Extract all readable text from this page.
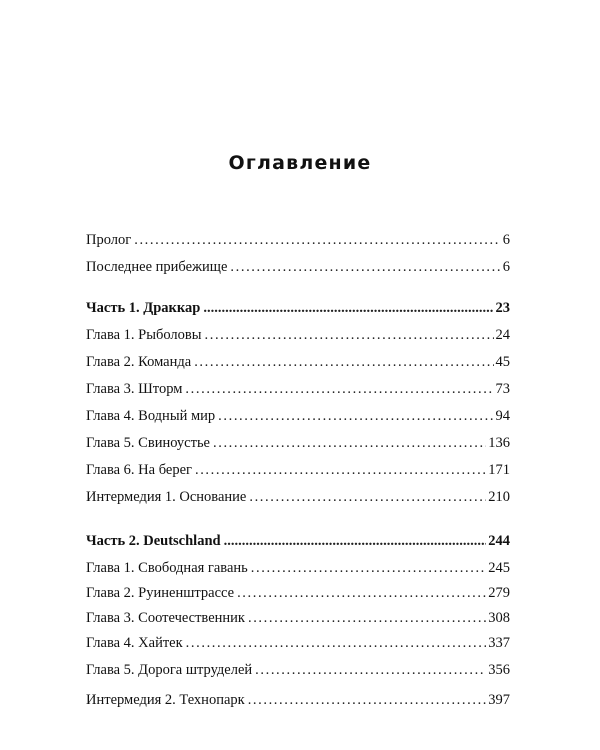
Оглавление
Пролог .....	6
Последнее прибежище .....	6
Часть 1. Драккар .....	23
Глава 1. Рыболовы .....	24
Глава 2. Команда .....	45
Глава 3. Шторм .....	73
Глава 4. Водный мир .....	94
Глава 5. Свиноустье .....	136
Глава 6. На берег .....	171
Интермедия 1. Основание .....	210
Часть 2. Deutschland .....	244
Глава 1. Свободная гавань .....	245
Глава 2. Руиненштрассе .....	279
Глава 3. Соотечественник .....	308
Глава 4. Хайтек .....	337
Глава 5. Дорога штруделей .....	356
Интермедия 2. Технопарк .....	397
